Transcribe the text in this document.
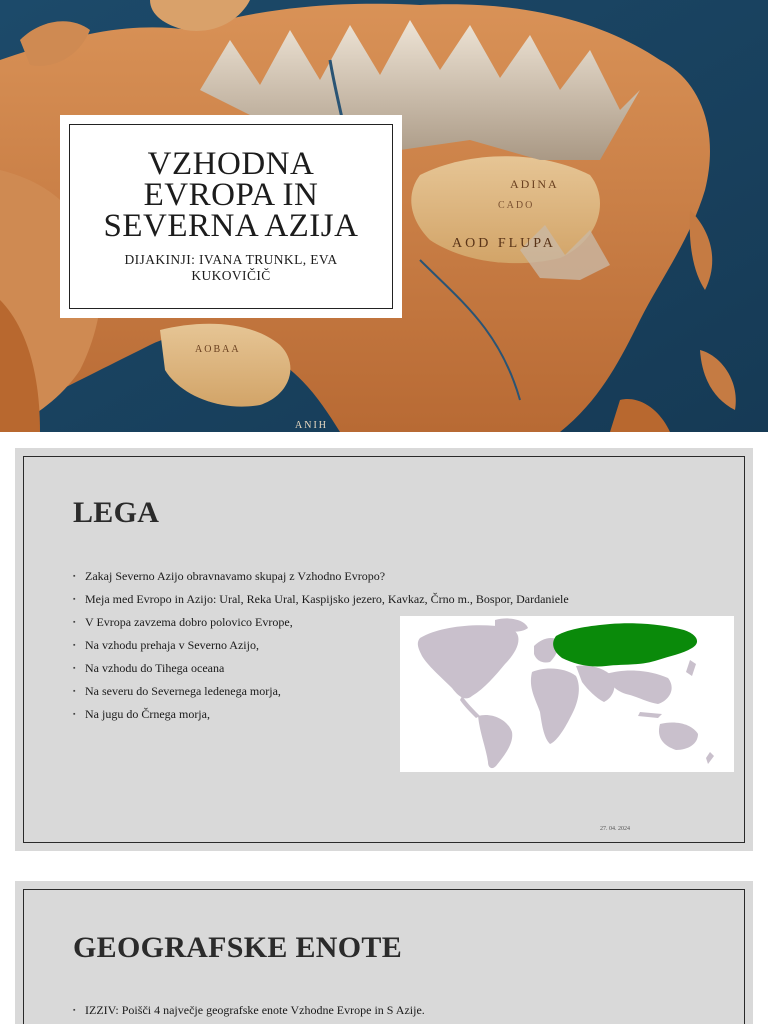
ADINA
CADO
AOD FLUPA
AOBAA
ANIH
VZHODNA
EVROPA IN
SEVERNA AZIJA
DIJAKINJI: IVANA TRUNKL, EVA KUKOVIČIČ
LEGA
▪ Zakaj Severno Azijo obravnavamo skupaj z Vzhodno Evropo?
▪ Meja med Evropo in Azijo: Ural, Reka Ural, Kaspijsko jezero, Kavkaz, Črno m., Bospor, Dardaniele
▪ V Evropa zavzema dobro polovico Evrope,
▪ Na vzhodu prehaja v Severno Azijo,
▪ Na vzhodu do Tihega oceana
▪ Na severu do Severnega ledenega morja,
▪ Na jugu do Črnega morja,
27. 04. 2024
GEOGRAFSKE ENOTE
▪ IZZIV: Poišči 4 največje geografske enote Vzhodne Evrope in S Azije.
